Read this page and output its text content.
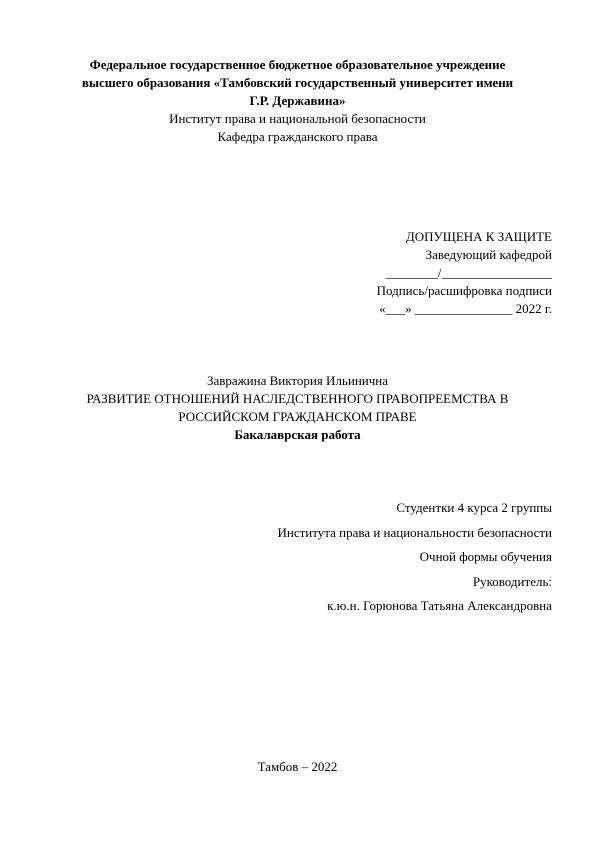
Федеральное государственное бюджетное образовательное учреждение
высшего образования «Тамбовский государственный университет имени
Г.Р. Державина»
Институт права и национальной безопасности
Кафедра гражданского права
ДОПУЩЕНА К ЗАЩИТЕ
Заведующий кафедрой
________/_________________
Подпись/расшифровка подписи
«___» _______________ 2022 г.
Завражина Виктория Ильинична
РАЗВИТИЕ ОТНОШЕНИЙ НАСЛЕДСТВЕННОГО ПРАВОПРЕЕМСТВА В
РОССИЙСКОМ ГРАЖДАНСКОМ ПРАВЕ
Бакалаврская работа
Студентки 4 курса 2 группы
Института права и национальности безопасности
Очной формы обучения
Руководитель:
к.ю.н. Горюнова Татьяна Александровна
Тамбов – 2022
